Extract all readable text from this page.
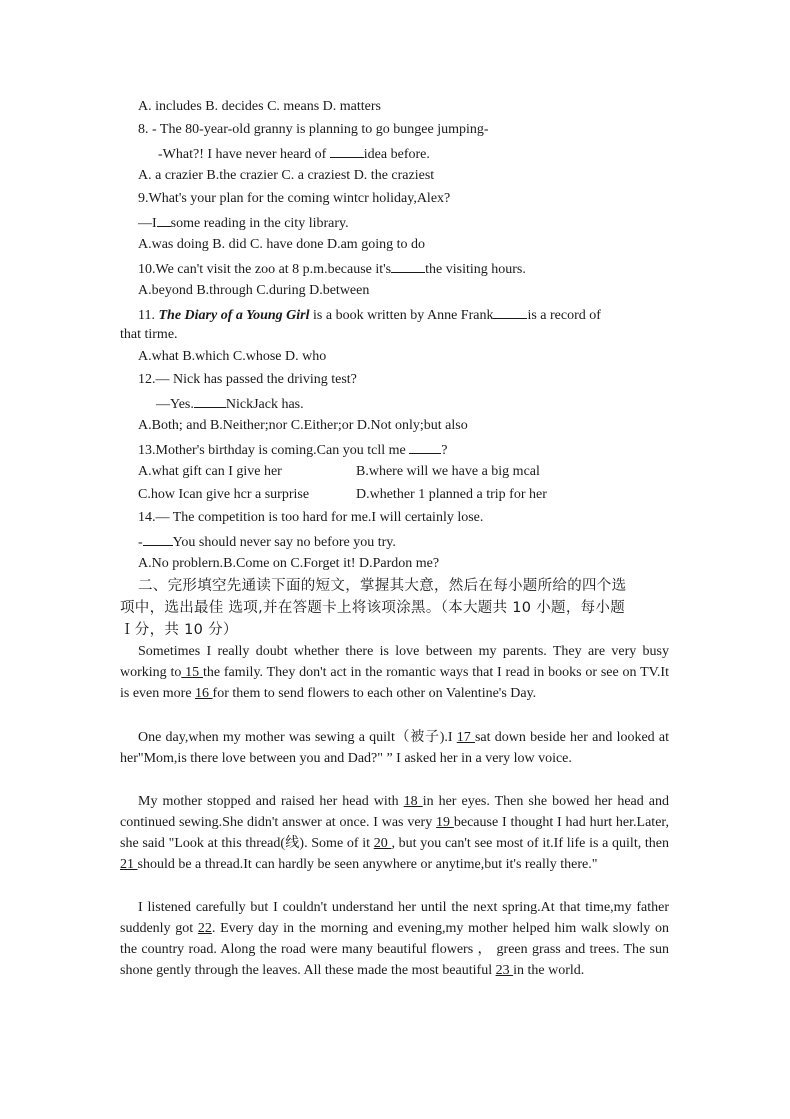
A. includes B. decides C. means D. matters
8. - The 80-year-old granny is planning to go bungee jumping-
-What?! I have never heard of idea before.
A. a crazier B.the crazier C. a craziest D. the craziest
9.What's your plan for the coming wintcr holiday,Alex?
—I some reading in the city library.
A.was doing B. did C. have done D.am going to do
10.We can't visit the zoo at 8 p.m.because it's the visiting hours.
A.beyond B.through C.during D.between
11. The Diary of a Young Girl is a book written by Anne Frank is a record of
that tirme.
A.what B.which C.whose D. who
12.— Nick has passed the driving test?
—Yes. NickJack has.
A.Both; and B.Neither;nor C.Either;or D.Not only;but also
13.Mother's birthday is coming.Can you tcll me ?
A.what gift can I give her	B.where will we have a big mcal
C.how Ican give hcr a surprise	D.whether 1 planned a trip for her
14.— The competition is too hard for me.I will certainly lose.
- You should never say no before you try.
A.No problern.B.Come on C.Forget it! D.Pardon me?
二、完形填空先通读下面的短文，掌握其大意，然后在每小题所给的四个选
项中，选出最佳 选项,并在答题卡上将该项涂黑。（本大题共 10 小题，每小题
Ｉ分，共 10 分）
Sometimes I really doubt whether there is love between my parents. They are very busy working to 15 the family. They don't act in the romantic ways that I read in books or see on TV.It is even more 16 for them to send flowers to each other on Valentine's Day.
One day,when my mother was sewing a quilt（被子).I 17 sat down beside her and looked at her"Mom,is there love between you and Dad?" ” I asked her in a very low voice.
My mother stopped and raised her head with 18 in her eyes. Then she bowed her head and continued sewing.She didn't answer at once. I was very 19 because I thought I had hurt her.Later, she said "Look at this thread(线). Some of it 20 , but you can't see most of it.If life is a quilt, then 21 should be a thread.It can hardly be seen anywhere or anytime,but it's really there."
I listened carefully but I couldn't understand her until the next spring.At that time,my father suddenly got 22. Every day in the morning and evening,my mother helped him walk slowly on the country road. Along the road were many beautiful flowers ， green grass and trees. The sun shone gently through the leaves. All these made the most beautiful 23 in the world.
